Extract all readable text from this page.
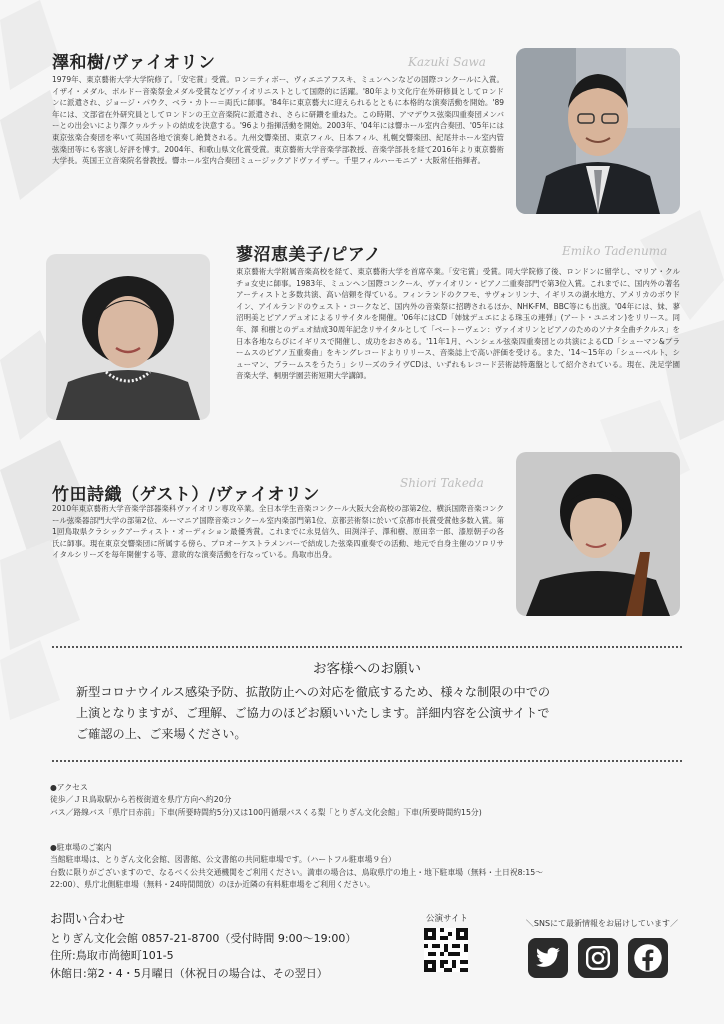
澤和樹/ヴァイオリン	Kazuki Sawa
1979年、東京藝術大学大学院修了。「安宅賞」受賞。ロン＝ティボー、ヴィエニアフスキ、ミュンヘンなどの国際コンクールに入賞。イザイ・メダル、ボルドー音楽祭金メダル受賞などヴァイオリニストとして国際的に活躍。'80年より文化庁在外研修員としてロンドンに派遣され、ジョージ・パウク、ベラ・カトー＝両氏に師事。'84年に東京藝大に迎えられるとともに本格的な演奏活動を開始。'89年には、文部省在外研究員としてロンドンの王立音楽院に派遣され、さらに研鑽を重ねた。この時期、アマデウス弦楽四重奏団メンバーとの出会いにより澤クヮルテットの結成を決意する。'96より指揮活動を開始。2003年、'04年には響ホール室内合奏団、'05年には東京弦楽合奏団を率いて英国各地で演奏し絶賛される。九州交響楽団、東京フィル、日本フィル、札幌交響楽団、紀尾井ホール室内管弦楽団等にも客演し好評を博す。2004年、和歌山県文化賞受賞。東京藝術大学音楽学部教授、音楽学部長を経て2016年より東京藝術大学長。英国王立音楽院名誉教授。響ホール室内合奏団ミュージックアドヴァイザー。千里フィルハーモニア・大阪常任指揮者。
蓼沼恵美子/ピアノ	Emiko Tadenuma
東京藝術大学附属音楽高校を経て、東京藝術大学を首席卒業。「安宅賞」受賞。同大学院修了後、ロンドンに留学し、マリア・クルチョ女史に師事。1983年、ミュンヘン国際コンクール、ヴァイオリン・ピアノ二重奏部門で第3位入賞。これまでに、国内外の著名アーティストと多数共演、高い信頼を得ている。フィンランドのクフモ、サヴォンリンナ、イギリスの湖水地方、アメリカのボウドイン、アイルランドのウェスト・コークなど、国内外の音楽祭に招聘されるほか、NHK-FM、BBC等にも出演。'04年には、妹、蓼沼明美とピアノデュオによるリサイタルを開催。'06年にはCD「姉妹デュエによる珠玉の連弾」(アート・ユニオン)をリリース。同年、澤 和樹とのデュオ結成30周年記念リサイタルとして「ベートーヴェン：ヴァイオリンとピアノのためのソナタ全曲チクルス」を日本各地ならびにイギリスで開催し、成功をおさめる。'11年1月、ヘンシェル弦楽四重奏団との共演によるCD「シューマン&ブラームスのピアノ五重奏曲」をキングレコードよりリリース、音楽誌上で高い評価を受ける。また、'14〜15年の「シューベルト、シューマン、ブラームスをうたう」シリーズのライヴCDは、いずれもレコード芸術誌特選盤として紹介されている。現在、洗足学園音楽大学、桐朋学園芸術短期大学講師。
竹田詩織（ゲスト）/ヴァイオリン
Shiori Takeda
2010年東京藝術大学音楽学部器楽科ヴァイオリン専攻卒業。全日本学生音楽コンクール大阪大会高校の部第2位、横浜国際音楽コンクール弦楽器部門大学の部第2位、ルーマニア国際音楽コンクール室内楽部門第1位、京都芸術祭に於いて京都市長賞受賞他多数入賞。第1回鳥取県クラシックアーティスト・オーディション最優秀賞。これまでに永見信久、田渕洋子、澤和樹、原田幸一郎、漆原朝子の各氏に師事。現在東京交響楽団に所属する傍ら、プロオーケストラメンバーで結成した弦楽四重奏での活動、地元で自身主催のソロリサイタルシリーズを毎年開催する等、意欲的な演奏活動を行なっている。鳥取市出身。
お客様へのお願い
新型コロナウイルス感染予防、拡散防止への対応を徹底するため、様々な制限の中での
上演となりますが、ご理解、ご協力のほどお願いいたします。詳細内容を公演サイトで
ご確認の上、ご来場ください。
●アクセス
徒歩／ＪＲ鳥取駅から若桜街道を県庁方向へ約20分
バス／路線バス「県庁日赤前」下車(所要時間約5分)又は100円循環バスくる梨「とりぎん文化会館」下車(所要時間約15分)
●駐車場のご案内
当館駐車場は、とりぎん文化会館、図書館、公文書館の共同駐車場です。（ハートフル駐車場９台）
台数に限りがございますので、なるべく公共交通機関をご利用ください。満車の場合は、鳥取県庁の地上・地下駐車場（無料・土日祝8:15〜
22:00）、県庁北側駐車場（無料・24時間開放）のほか近隣の有料駐車場をご利用ください。
お問い合わせ
とりぎん文化会館 0857-21-8700（受付時間 9:00〜19:00）
住所:鳥取市尚徳町101-5
休館日:第2・4・5月曜日（休祝日の場合は、その翌日）
公演サイト	＼SNSにて最新情報をお届けしています／
